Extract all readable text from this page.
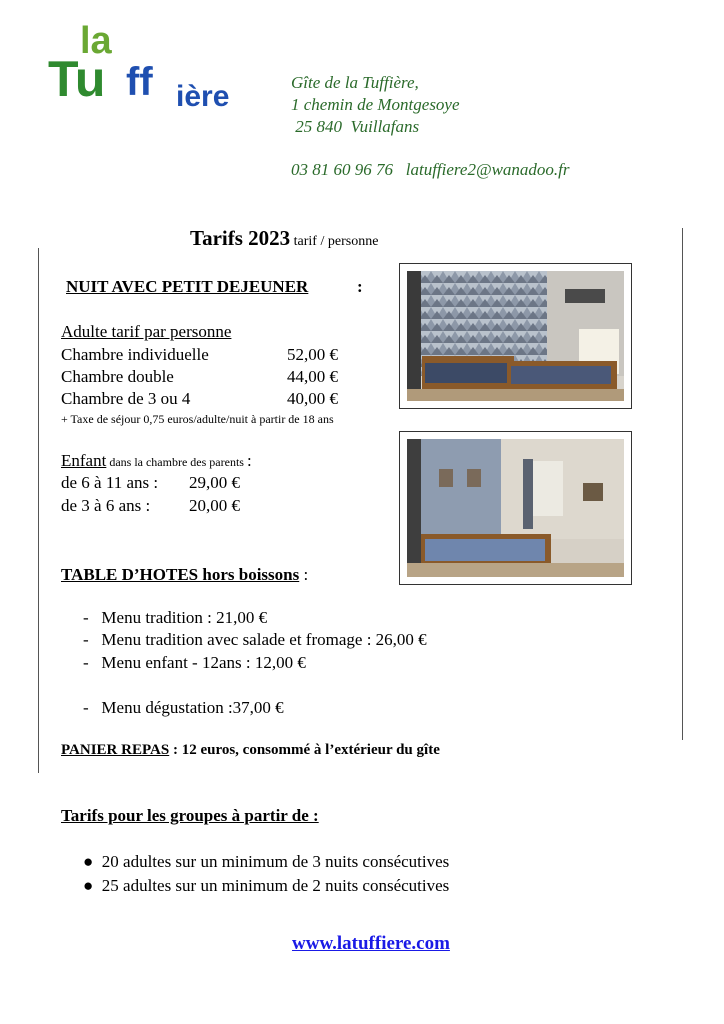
la
Tu ff ière	Gîte de la Tuffière,
1 chemin de Montgesoye
25 840  Vuillafans
03 81 60 96 76   latuffiere2@wanadoo.fr
Tarifs 2023 tarif / personne
NUIT AVEC PETIT DEJEUNER	:
Adulte tarif par personne
Chambre individuelle	52,00 €
Chambre double	44,00 €
Chambre de 3 ou 4	40,00 €
+ Taxe de séjour 0,75 euros/adulte/nuit à partir de 18 ans
Enfant dans la chambre des parents :
de 6 à 11 ans : 29,00 €
de 3 à 6 ans : 20,00 €
TABLE D’HOTES hors boissons :
-   Menu tradition : 21,00 €
-   Menu tradition avec salade et fromage : 26,00 €
-   Menu enfant - 12ans : 12,00 €
-   Menu dégustation :37,00 €
PANIER REPAS : 12 euros, consommé à l’extérieur du gîte
Tarifs pour les groupes à partir de :
●  20 adultes sur un minimum de 3 nuits consécutives
●  25 adultes sur un minimum de 2 nuits consécutives
www.latuffiere.com
